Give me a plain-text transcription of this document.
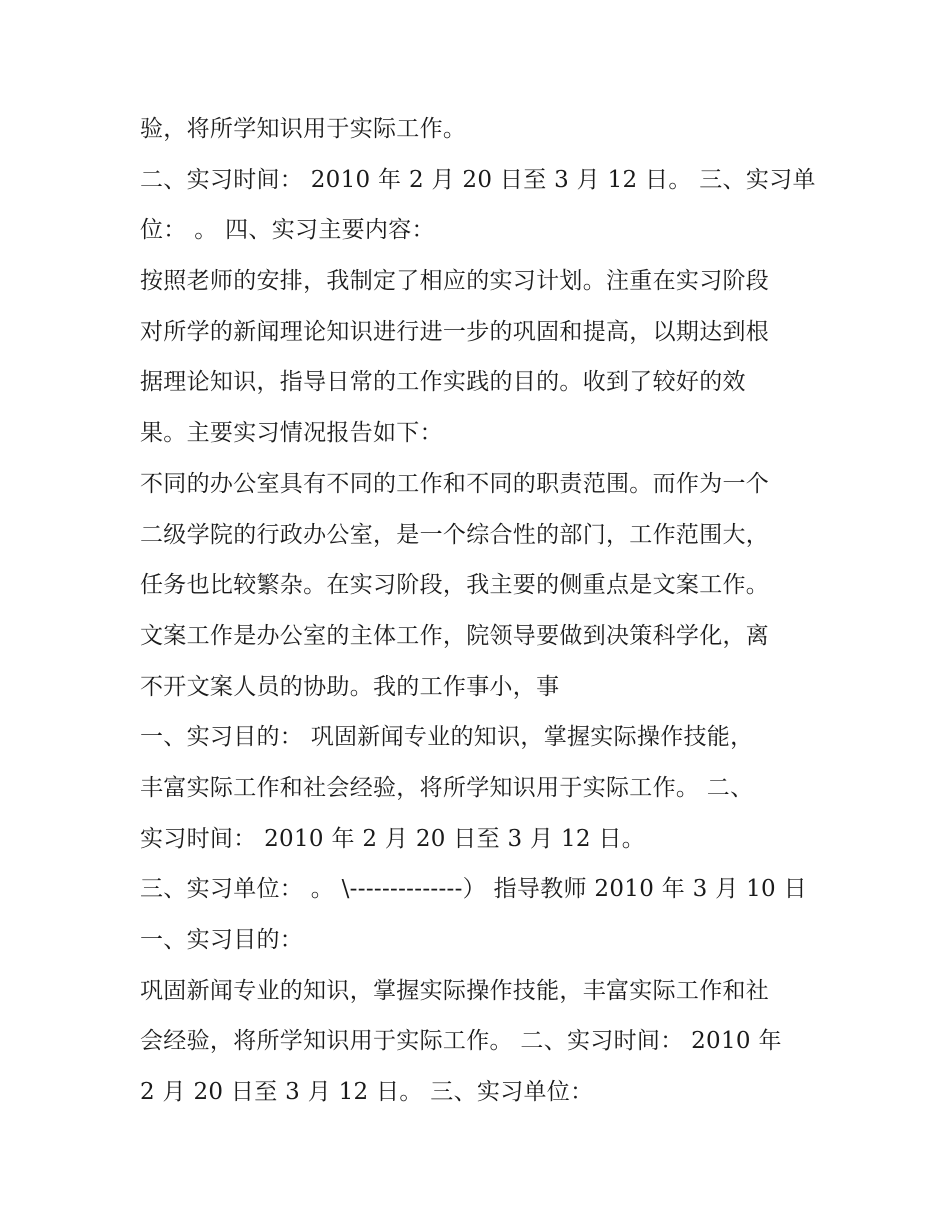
验，将所学知识用于实际工作。
二、实习时间： 2010 年 2 月 20 日至 3 月 12 日。 三、实习单
位： 。 四、实习主要内容：
按照老师的安排，我制定了相应的实习计划。注重在实习阶段
对所学的新闻理论知识进行进一步的巩固和提高，以期达到根
据理论知识，指导日常的工作实践的目的。收到了较好的效
果。主要实习情况报告如下：
不同的办公室具有不同的工作和不同的职责范围。而作为一个
二级学院的行政办公室，是一个综合性的部门，工作范围大，
任务也比较繁杂。在实习阶段，我主要的侧重点是文案工作。
文案工作是办公室的主体工作，院领导要做到决策科学化，离
不开文案人员的协助。我的工作事小，事
一、实习目的： 巩固新闻专业的知识，掌握实际操作技能，
丰富实际工作和社会经验，将所学知识用于实际工作。 二、
实习时间： 2010 年 2 月 20 日至 3 月 12 日。
三、实习单位： 。 \--------------） 指导教师 2010 年 3 月 10 日
一、实习目的：
巩固新闻专业的知识，掌握实际操作技能，丰富实际工作和社
会经验，将所学知识用于实际工作。 二、实习时间： 2010 年
2 月 20 日至 3 月 12 日。 三、实习单位：
